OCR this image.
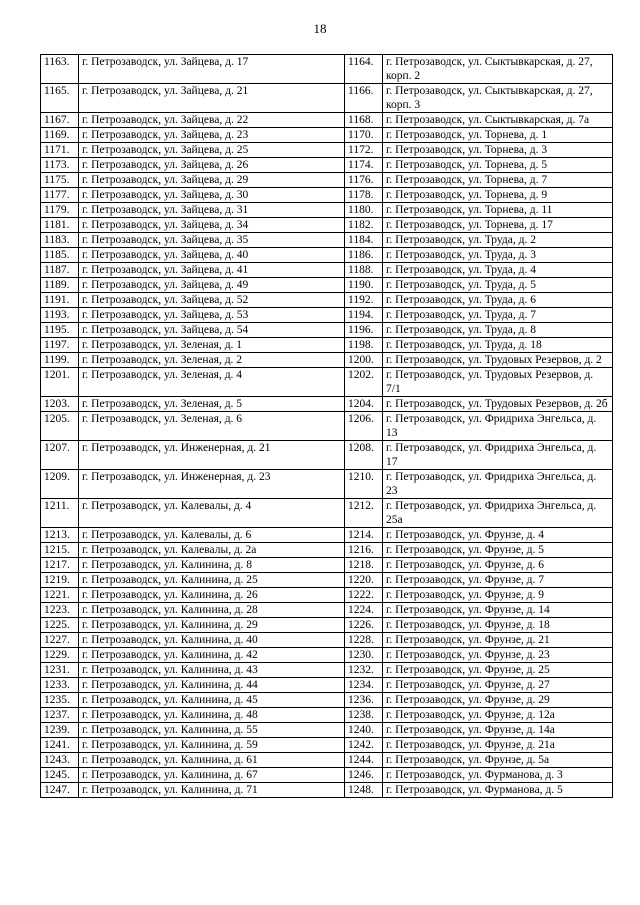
18
1163.	г. Петрозаводск, ул. Зайцева, д. 17	1164.	г. Петрозаводск, ул. Сыктывкарская, д. 27, корп. 2
1165.	г. Петрозаводск, ул. Зайцева, д. 21	1166.	г. Петрозаводск, ул. Сыктывкарская, д. 27, корп. 3
1167.	г. Петрозаводск, ул. Зайцева, д. 22	1168.	г. Петрозаводск, ул. Сыктывкарская, д. 7а
1169.	г. Петрозаводск, ул. Зайцева, д. 23	1170.	г. Петрозаводск, ул. Торнева, д. 1
1171.	г. Петрозаводск, ул. Зайцева, д. 25	1172.	г. Петрозаводск, ул. Торнева, д. 3
1173.	г. Петрозаводск, ул. Зайцева, д. 26	1174.	г. Петрозаводск, ул. Торнева, д. 5
1175.	г. Петрозаводск, ул. Зайцева, д. 29	1176.	г. Петрозаводск, ул. Торнева, д. 7
1177.	г. Петрозаводск, ул. Зайцева, д. 30	1178.	г. Петрозаводск, ул. Торнева, д. 9
1179.	г. Петрозаводск, ул. Зайцева, д. 31	1180.	г. Петрозаводск, ул. Торнева, д. 11
1181.	г. Петрозаводск, ул. Зайцева, д. 34	1182.	г. Петрозаводск, ул. Торнева, д. 17
1183.	г. Петрозаводск, ул. Зайцева, д. 35	1184.	г. Петрозаводск, ул. Труда, д. 2
1185.	г. Петрозаводск, ул. Зайцева, д. 40	1186.	г. Петрозаводск, ул. Труда, д. 3
1187.	г. Петрозаводск, ул. Зайцева, д. 41	1188.	г. Петрозаводск, ул. Труда, д. 4
1189.	г. Петрозаводск, ул. Зайцева, д. 49	1190.	г. Петрозаводск, ул. Труда, д. 5
1191.	г. Петрозаводск, ул. Зайцева, д. 52	1192.	г. Петрозаводск, ул. Труда, д. 6
1193.	г. Петрозаводск, ул. Зайцева, д. 53	1194.	г. Петрозаводск, ул. Труда, д. 7
1195.	г. Петрозаводск, ул. Зайцева, д. 54	1196.	г. Петрозаводск, ул. Труда, д. 8
1197.	г. Петрозаводск, ул. Зеленая, д. 1	1198.	г. Петрозаводск, ул. Труда, д. 18
1199.	г. Петрозаводск, ул. Зеленая, д. 2	1200.	г. Петрозаводск, ул. Трудовых Резервов, д. 2
1201.	г. Петрозаводск, ул. Зеленая, д. 4	1202.	г. Петрозаводск, ул. Трудовых Резервов, д. 7/1
1203.	г. Петрозаводск, ул. Зеленая, д. 5	1204.	г. Петрозаводск, ул. Трудовых Резервов, д. 2б
1205.	г. Петрозаводск, ул. Зеленая, д. 6	1206.	г. Петрозаводск, ул. Фридриха Энгельса, д. 13
1207.	г. Петрозаводск, ул. Инженерная, д. 21	1208.	г. Петрозаводск, ул. Фридриха Энгельса, д. 17
1209.	г. Петрозаводск, ул. Инженерная, д. 23	1210.	г. Петрозаводск, ул. Фридриха Энгельса, д. 23
1211.	г. Петрозаводск, ул. Калевалы, д. 4	1212.	г. Петрозаводск, ул. Фридриха Энгельса, д. 25а
1213.	г. Петрозаводск, ул. Калевалы, д. 6	1214.	г. Петрозаводск, ул. Фрунзе, д. 4
1215.	г. Петрозаводск, ул. Калевалы, д. 2а	1216.	г. Петрозаводск, ул. Фрунзе, д. 5
1217.	г. Петрозаводск, ул. Калинина, д. 8	1218.	г. Петрозаводск, ул. Фрунзе, д. 6
1219.	г. Петрозаводск, ул. Калинина, д. 25	1220.	г. Петрозаводск, ул. Фрунзе, д. 7
1221.	г. Петрозаводск, ул. Калинина, д. 26	1222.	г. Петрозаводск, ул. Фрунзе, д. 9
1223.	г. Петрозаводск, ул. Калинина, д. 28	1224.	г. Петрозаводск, ул. Фрунзе, д. 14
1225.	г. Петрозаводск, ул. Калинина, д. 29	1226.	г. Петрозаводск, ул. Фрунзе, д. 18
1227.	г. Петрозаводск, ул. Калинина, д. 40	1228.	г. Петрозаводск, ул. Фрунзе, д. 21
1229.	г. Петрозаводск, ул. Калинина, д. 42	1230.	г. Петрозаводск, ул. Фрунзе, д. 23
1231.	г. Петрозаводск, ул. Калинина, д. 43	1232.	г. Петрозаводск, ул. Фрунзе, д. 25
1233.	г. Петрозаводск, ул. Калинина, д. 44	1234.	г. Петрозаводск, ул. Фрунзе, д. 27
1235.	г. Петрозаводск, ул. Калинина, д. 45	1236.	г. Петрозаводск, ул. Фрунзе, д. 29
1237.	г. Петрозаводск, ул. Калинина, д. 48	1238.	г. Петрозаводск, ул. Фрунзе, д. 12а
1239.	г. Петрозаводск, ул. Калинина, д. 55	1240.	г. Петрозаводск, ул. Фрунзе, д. 14а
1241.	г. Петрозаводск, ул. Калинина, д. 59	1242.	г. Петрозаводск, ул. Фрунзе, д. 21а
1243.	г. Петрозаводск, ул. Калинина, д. 61	1244.	г. Петрозаводск, ул. Фрунзе, д. 5а
1245.	г. Петрозаводск, ул. Калинина, д. 67	1246.	г. Петрозаводск, ул. Фурманова, д. 3
1247.	г. Петрозаводск, ул. Калинина, д. 71	1248.	г. Петрозаводск, ул. Фурманова, д. 5
